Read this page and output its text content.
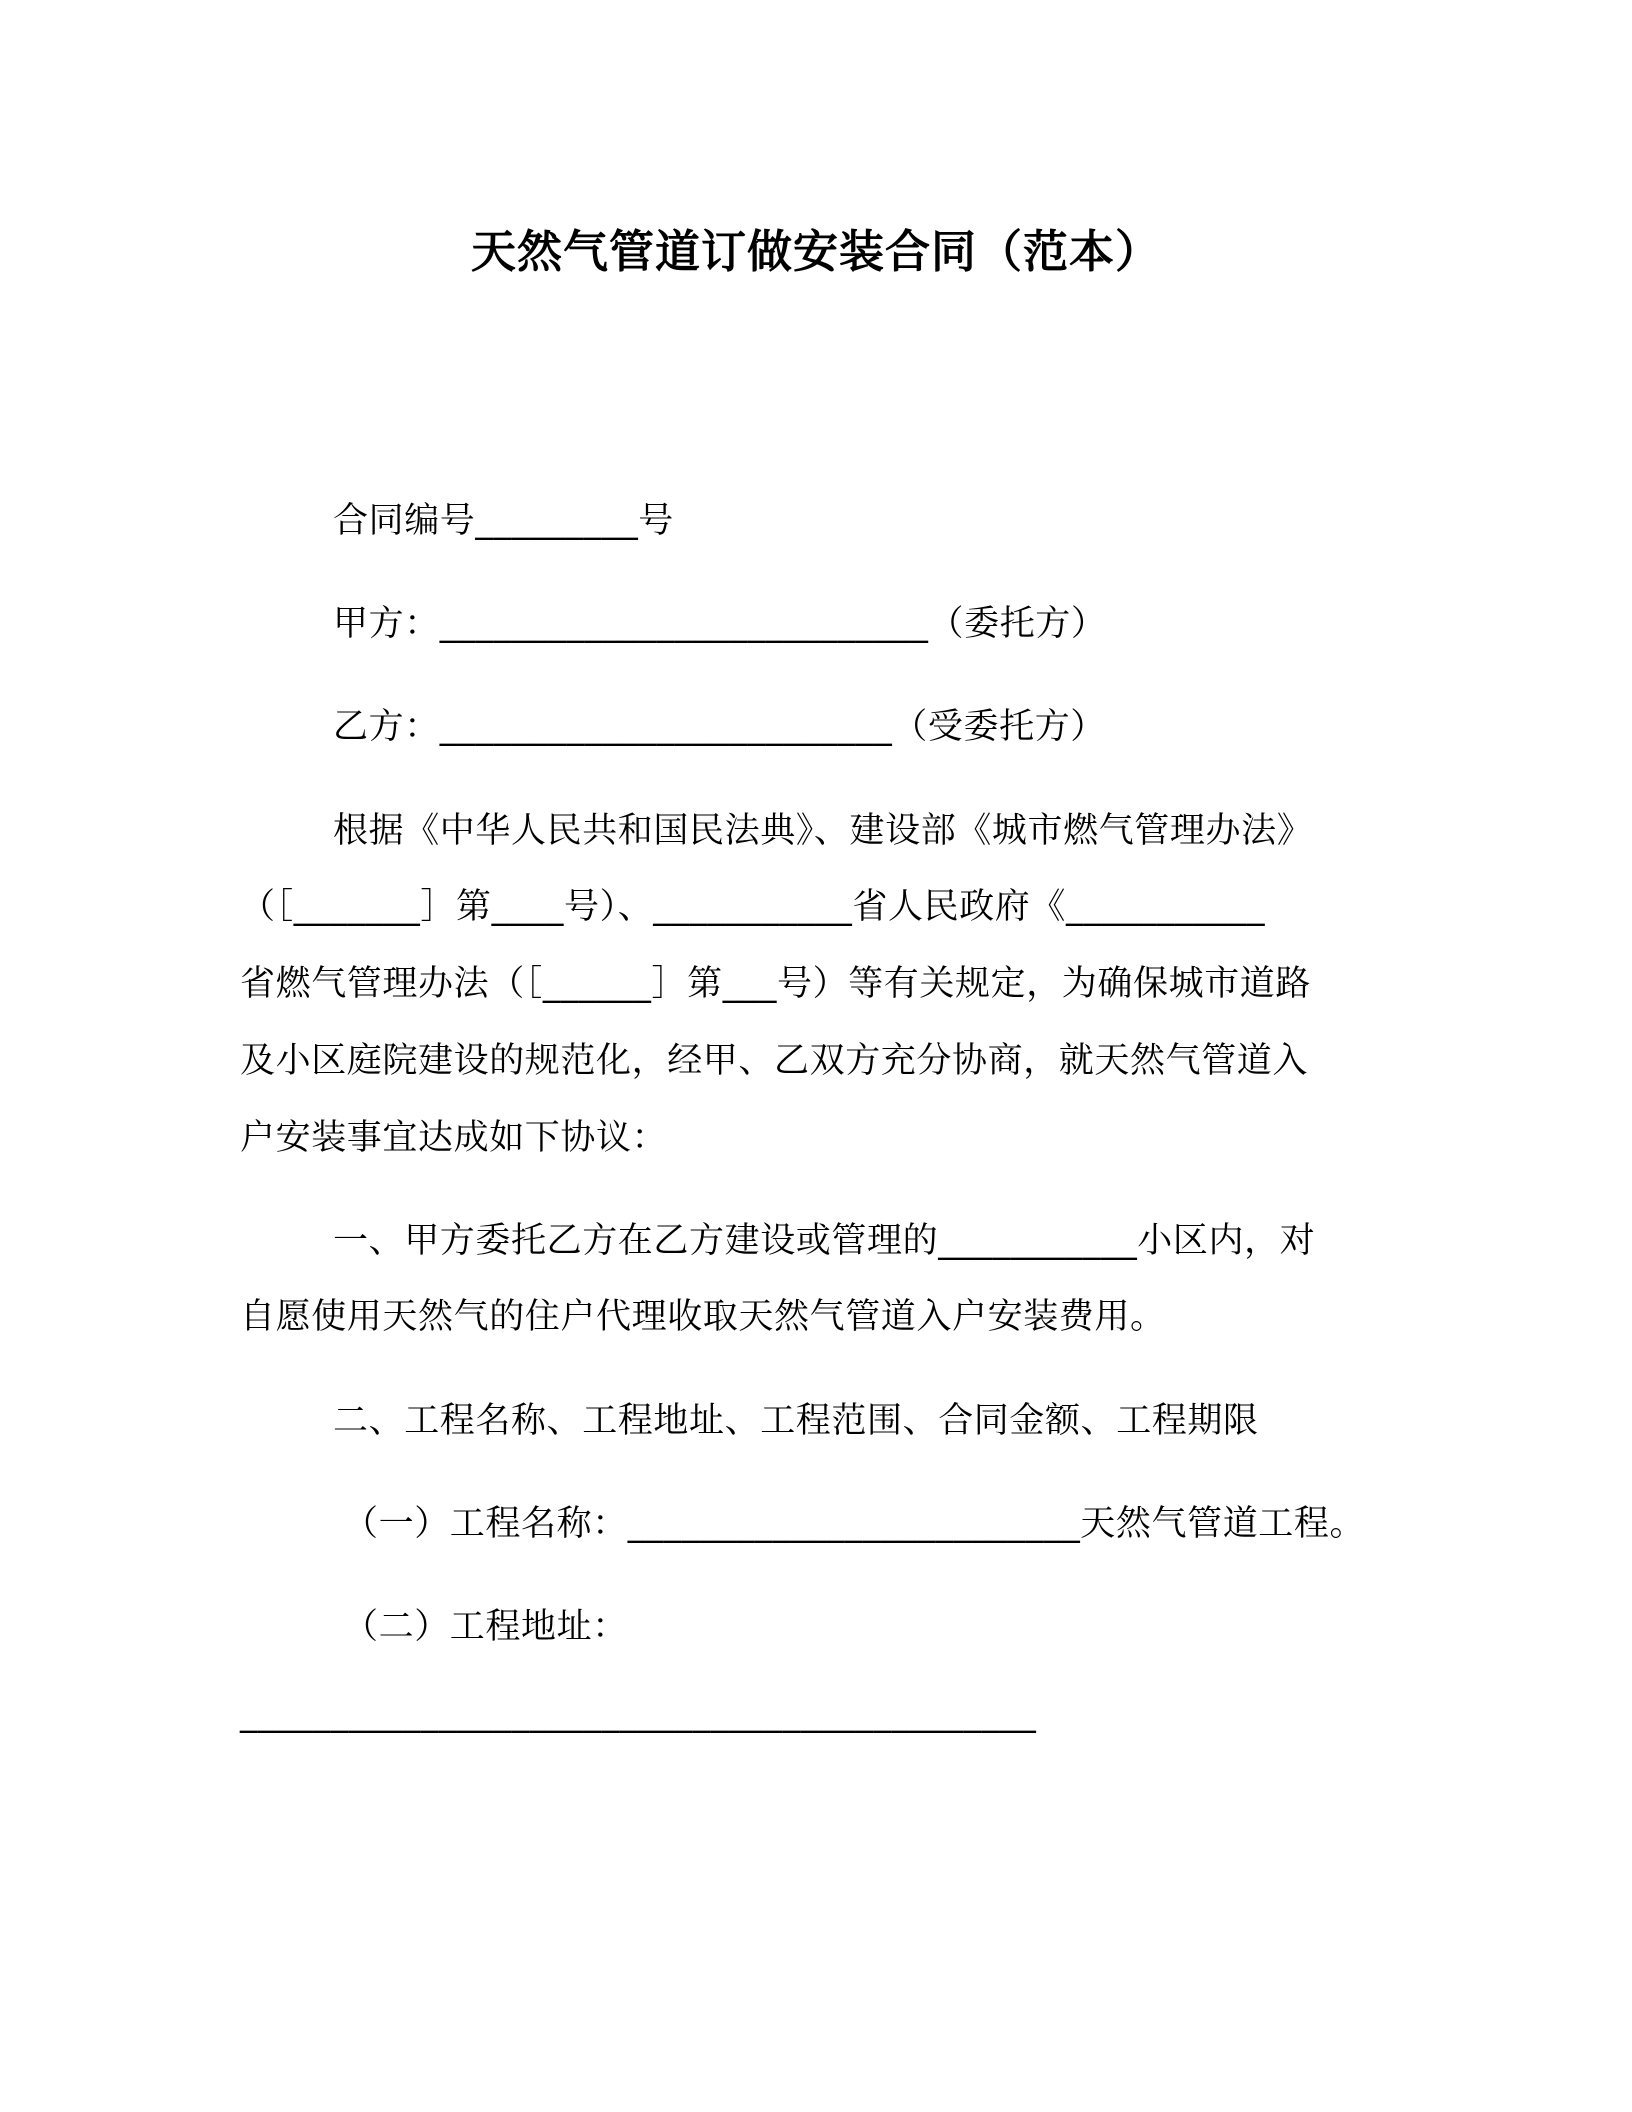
天然气管道订做安装合同（范本）
合同编号_________号
甲方：___________________________（委托方）
乙方：_________________________（受委托方）
根据《中华人民共和国民法典》、建设部《城市燃气管理办法》
（［_______］第____号）、___________省人民政府《___________
省燃气管理办法（［______］第___号）等有关规定，为确保城市道路
及小区庭院建设的规范化，经甲、乙双方充分协商，就天然气管道入
户安装事宜达成如下协议：
一、甲方委托乙方在乙方建设或管理的___________小区内，对
自愿使用天然气的住户代理收取天然气管道入户安装费用。
二、工程名称、工程地址、工程范围、合同金额、工程期限
（一）工程名称：_________________________天然气管道工程。
（二）工程地址：
____________________________________________
